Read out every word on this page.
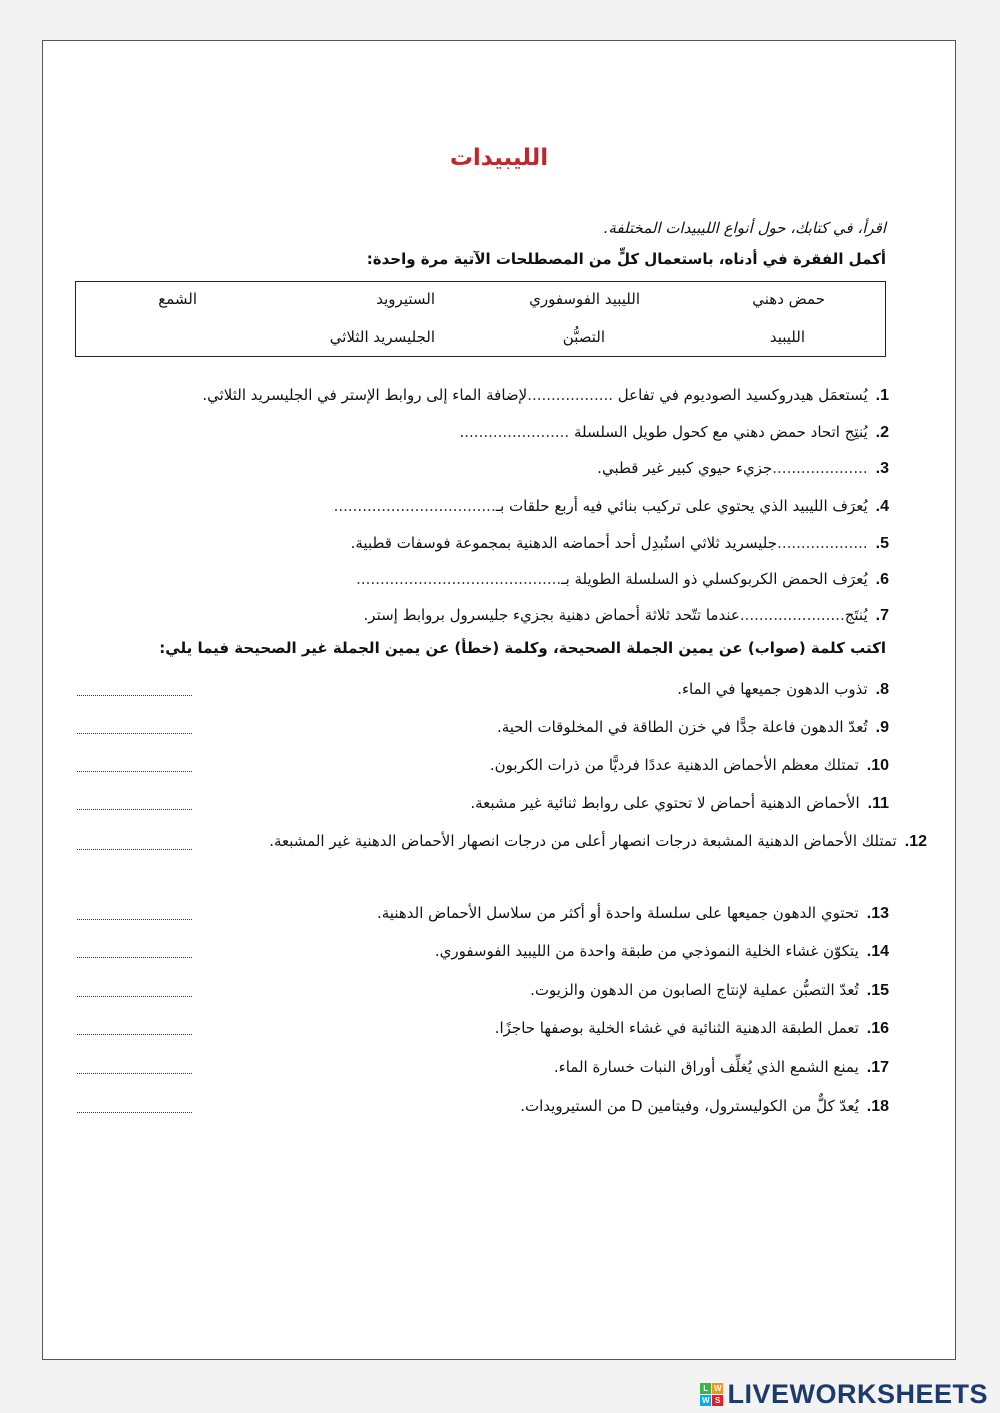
الليبيدات
اقرأ، في كتابك، حول أنواع الليبيدات المختلفة.
أكمل الفقرة في أدناه، باستعمال كلٍّ من المصطلحات الآتية مرة واحدة:
حمض دهني
الليبيد الفوسفوري
الستيرويد
الشمع
الليبيد
التصبُّن
الجليسريد الثلاثي
1.يُستعمَل هيدروكسيد الصوديوم في تفاعل ..................لإضافة الماء إلى روابط الإستر في الجليسريد الثلاثي.
2.يُنتِج اتحاد حمض دهني مع كحول طويل السلسلة .......................
3.....................جزيء حيوي كبير غير قطبي.
4.يُعرَف الليبيد الذي يحتوي على تركيب بنائي فيه أربع حلقات بـ..................................
5....................جليسريد ثلاثي استُبدِل أحد أحماضه الدهنية بمجموعة فوسفات قطبية.
6.يُعرَف الحمض الكربوكسلي ذو السلسلة الطويلة بـ...........................................
7.يُنتَج......................عندما تتّحد ثلاثة أحماض دهنية بجزيء جليسرول بروابط إستر.
اكتب كلمة (صواب) عن يمين الجملة الصحيحة، وكلمة (خطأ) عن يمين الجملة غير الصحيحة فيما يلي:
8.تذوب الدهون جميعها في الماء.
9.تُعدّ الدهون فاعلة جدًّا في خزن الطاقة في المخلوقات الحية.
10.تمتلك معظم الأحماض الدهنية عددًا فرديًّا من ذرات الكربون.
11.الأحماض الدهنية أحماض لا تحتوي على روابط ثنائية غير مشبعة.
12.تمتلك الأحماض الدهنية المشبعة درجات انصهار أعلى من درجات انصهار الأحماض الدهنية غير المشبعة.
13.تحتوي الدهون جميعها على سلسلة واحدة أو أكثر من سلاسل الأحماض الدهنية.
14.يتكوّن غشاء الخلية النموذجي من طبقة واحدة من الليبيد الفوسفوري.
15.تُعدّ التصبُّن عملية لإنتاج الصابون من الدهون والزيوت.
16.تعمل الطبقة الدهنية الثنائية في غشاء الخلية بوصفها حاجزًا.
17.يمنع الشمع الذي يُغلِّف أوراق النبات خسارة الماء.
18.يُعدّ كلٌّ من الكوليسترول، وفيتامين D من الستيرويدات.
L W
W S LIVEWORKSHEETS
